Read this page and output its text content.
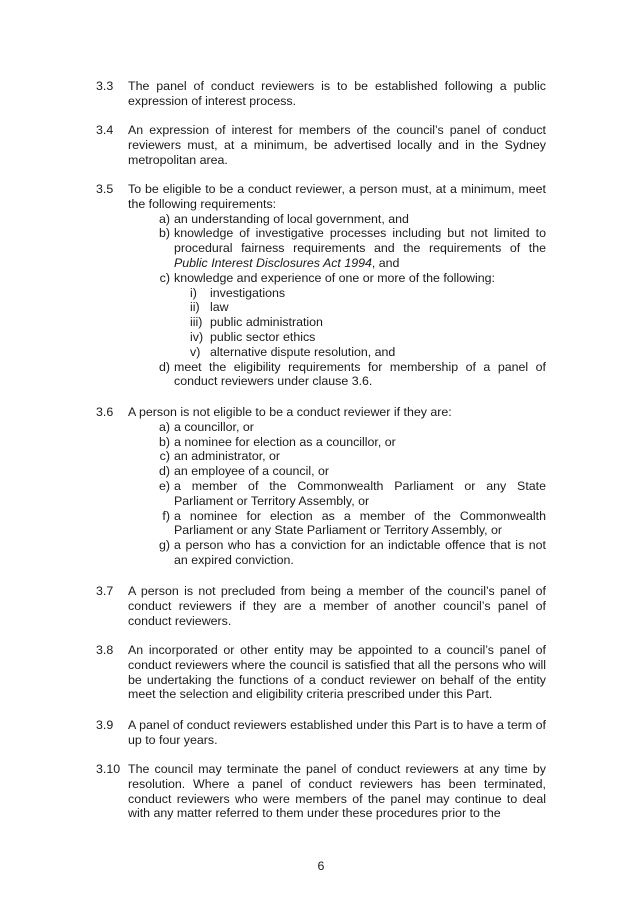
3.3 The panel of conduct reviewers is to be established following a public expression of interest process.
3.4 An expression of interest for members of the council’s panel of conduct reviewers must, at a minimum, be advertised locally and in the Sydney metropolitan area.
3.5 To be eligible to be a conduct reviewer, a person must, at a minimum, meet the following requirements:
a) an understanding of local government, and
b) knowledge of investigative processes including but not limited to procedural fairness requirements and the requirements of the Public Interest Disclosures Act 1994, and
c) knowledge and experience of one or more of the following:
i)	investigations
ii) law
iii) public administration
iv) public sector ethics
v) alternative dispute resolution, and
d) meet the eligibility requirements for membership of a panel of conduct reviewers under clause 3.6.
3.6 A person is not eligible to be a conduct reviewer if they are:
a) a councillor, or
b) a nominee for election as a councillor, or
c) an administrator, or
d) an employee of a council, or
e) a member of the Commonwealth Parliament or any State Parliament or Territory Assembly, or
f) a nominee for election as a member of the Commonwealth Parliament or any State Parliament or Territory Assembly, or
g) a person who has a conviction for an indictable offence that is not an expired conviction.
3.7 A person is not precluded from being a member of the council’s panel of conduct reviewers if they are a member of another council’s panel of conduct reviewers.
3.8 An incorporated or other entity may be appointed to a council’s panel of conduct reviewers where the council is satisfied that all the persons who will be undertaking the functions of a conduct reviewer on behalf of the entity meet the selection and eligibility criteria prescribed under this Part.
3.9 A panel of conduct reviewers established under this Part is to have a term of up to four years.
3.10 The council may terminate the panel of conduct reviewers at any time by resolution. Where a panel of conduct reviewers has been terminated, conduct reviewers who were members of the panel may continue to deal with any matter referred to them under these procedures prior to the
6
